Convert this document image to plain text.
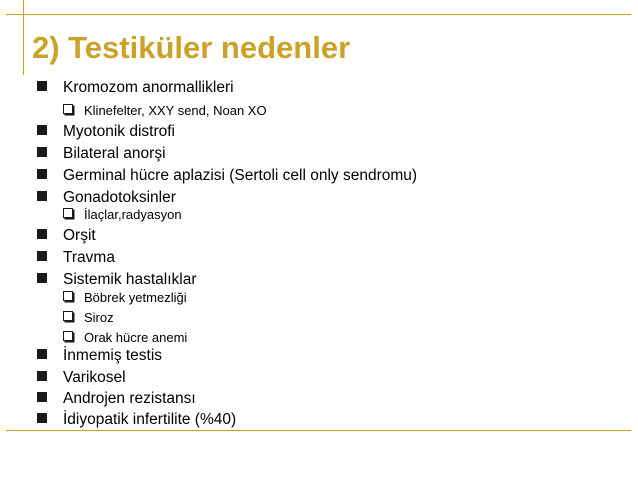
2) Testiküler nedenler
Kromozom anormallikleri
Klinefelter, XXY send, Noan XO
Myotonik distrofi
Bilateral anorşi
Germinal hücre aplazisi (Sertoli cell only sendromu)
Gonadotoksinler
İlaçlar,radyasyon
Orşit
Travma
Sistemik hastalıklar
Böbrek yetmezliği
Siroz
Orak hücre anemi
İnmemiş testis
Varikosel
Androjen rezistansı
İdiyopatik infertilite (%40)
